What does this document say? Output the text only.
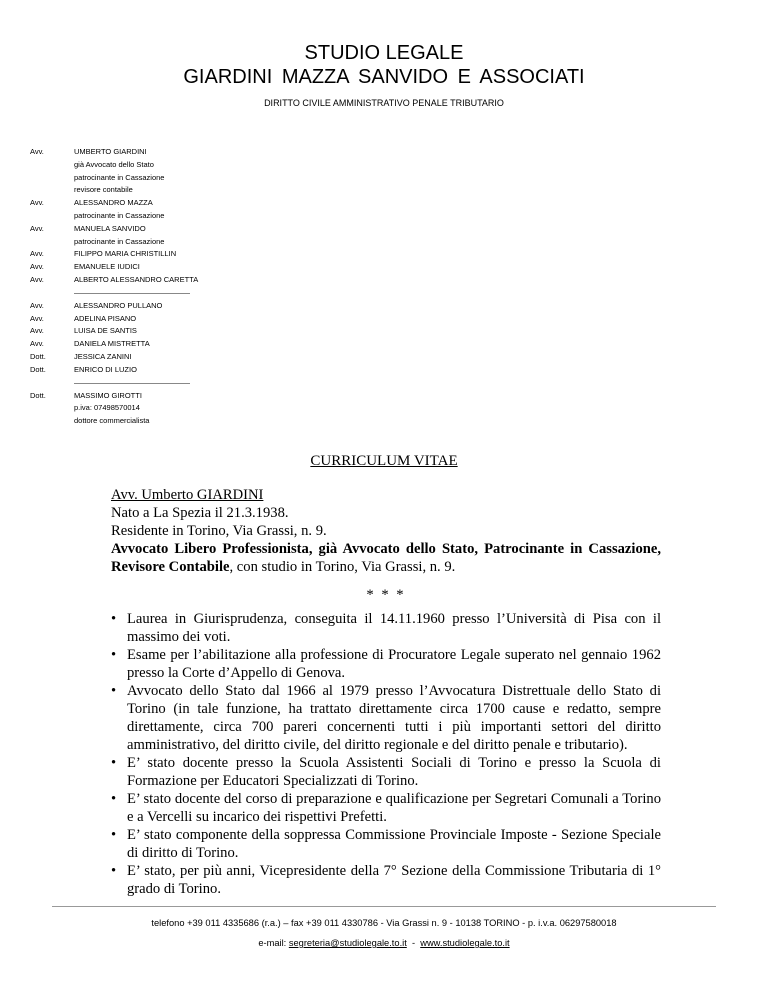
STUDIO LEGALE
GIARDINI MAZZA SANVIDO E ASSOCIATI
DIRITTO CIVILE AMMINISTRATIVO PENALE TRIBUTARIO
Avv.	UMBERTO GIARDINI
già Avvocato dello Stato
patrocinante in Cassazione
revisore contabile
Avv.	ALESSANDRO MAZZA
patrocinante in Cassazione
Avv.	MANUELA SANVIDO
patrocinante in Cassazione
Avv.	FILIPPO MARIA CHRISTILLIN
Avv.	EMANUELE IUDICI
Avv.	ALBERTO ALESSANDRO CARETTA
Avv.	ALESSANDRO PULLANO
Avv.	ADELINA PISANO
Avv.	LUISA DE SANTIS
Avv.	DANIELA MISTRETTA
Dott.	JESSICA ZANINI
Dott.	ENRICO DI LUZIO
Dott.	MASSIMO GIROTTI
p.iva: 07498570014
dottore commercialista
CURRICULUM VITAE

Avv. Umberto GIARDINI

Nato a La Spezia il 21.3.1938.

Residente in Torino, Via Grassi, n. 9.

Avvocato Libero Professionista, già Avvocato dello Stato, Patrocinante in Cassazione, Revisore Contabile, con studio in Torino, Via Grassi, n. 9.

* * *

• Laurea in Giurisprudenza, conseguita il 14.11.1960 presso l’Università di Pisa con il massimo dei voti.
• Esame per l’abilitazione alla professione di Procuratore Legale superato nel gennaio 1962 presso la Corte d’Appello di Genova.
• Avvocato dello Stato dal 1966 al 1979 presso l’Avvocatura Distrettuale dello Stato di Torino (in tale funzione, ha trattato direttamente circa 1700 cause e redatto, sempre direttamente, circa 700 pareri concernenti tutti i più importanti settori del diritto amministrativo, del diritto civile, del diritto regionale e del diritto penale e tributario).
• E’ stato docente presso la Scuola Assistenti Sociali di Torino e presso la Scuola di Formazione per Educatori Specializzati di Torino.
• E’ stato docente del corso di preparazione e qualificazione per Segretari Comunali a Torino e a Vercelli su incarico dei rispettivi Prefetti.
• E’ stato componente della soppressa Commissione Provinciale Imposte - Sezione Speciale di diritto di Torino.
• E’ stato, per più anni, Vicepresidente della 7° Sezione della Commissione Tributaria di 1° grado di Torino.
telefono +39 011 4335686 (r.a.) – fax +39 011 4330786 - Via Grassi n. 9 - 10138 TORINO - p. i.v.a. 06297580018
e-mail: segreteria@studiolegale.to.it  -  www.studiolegale.to.it
